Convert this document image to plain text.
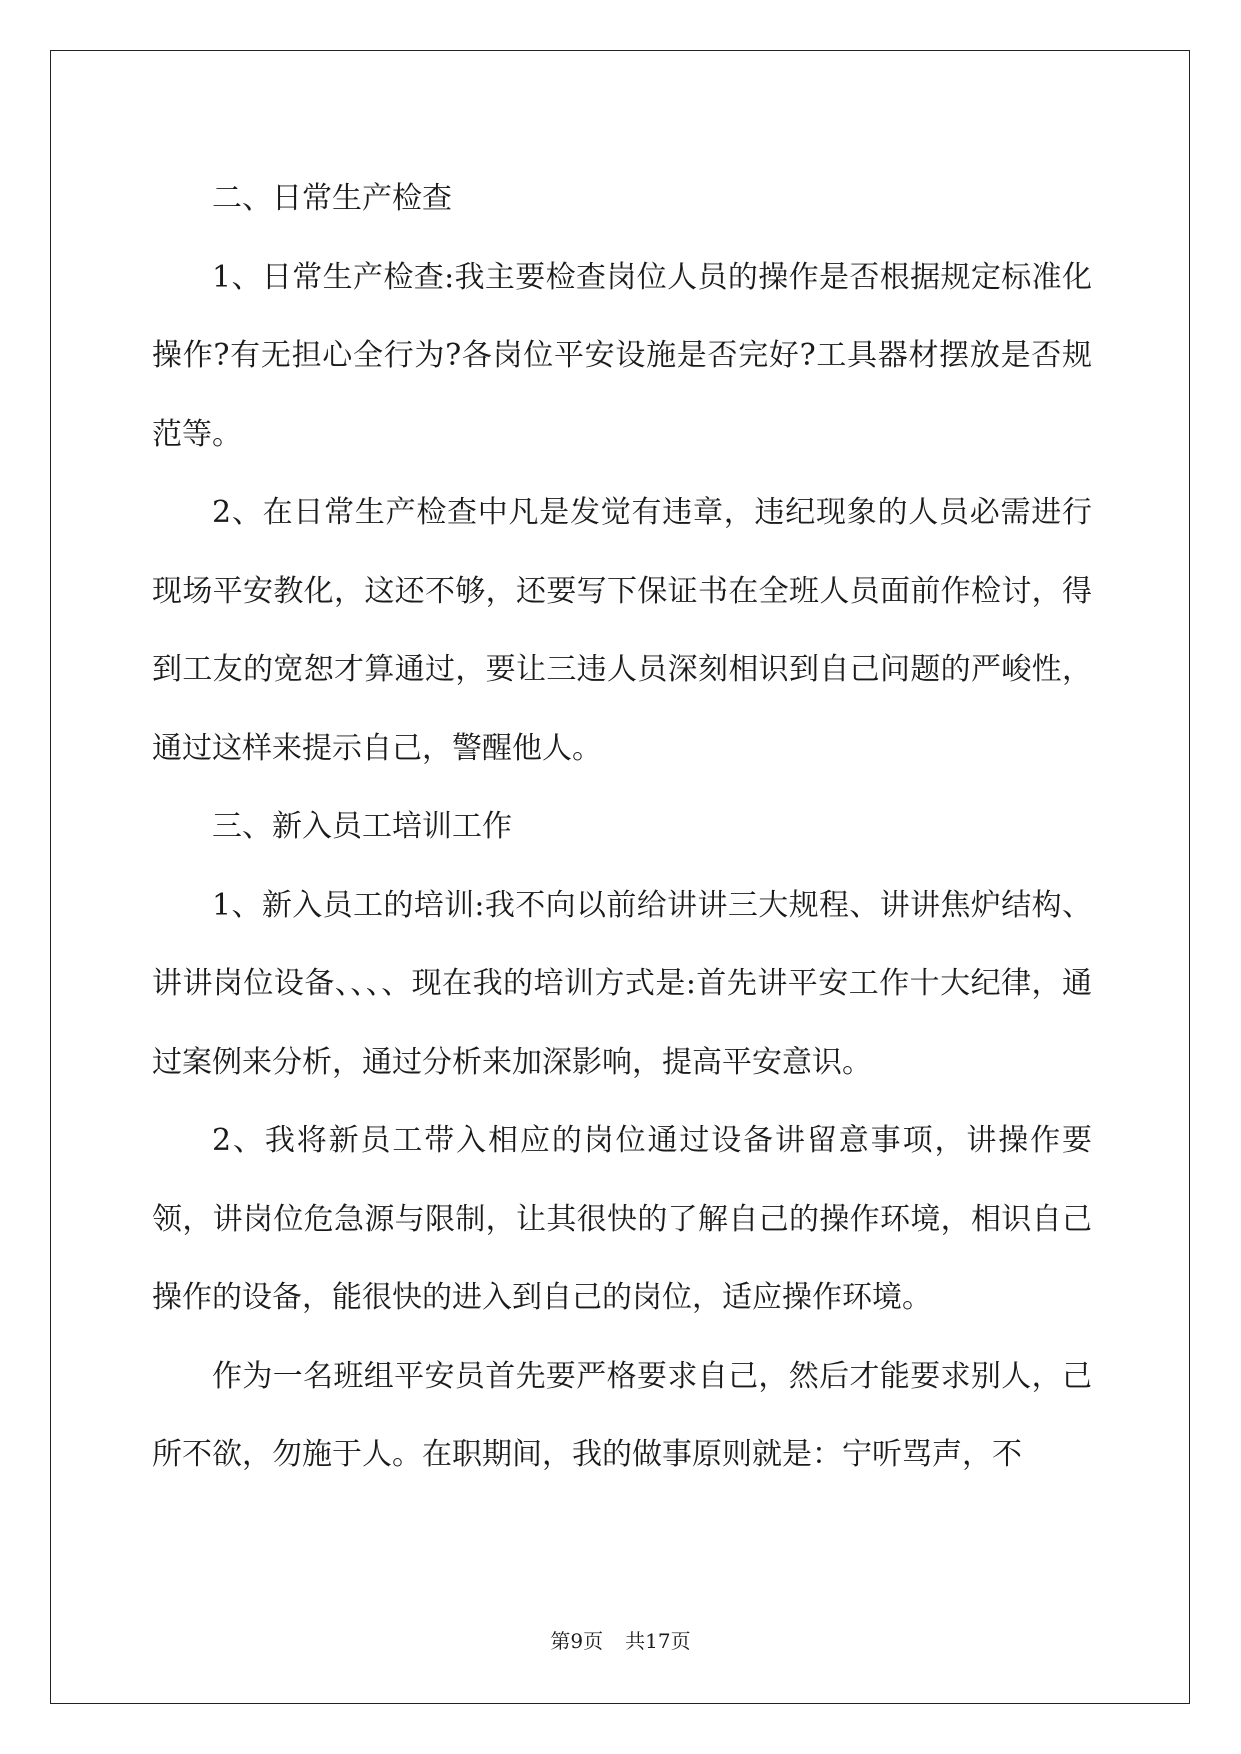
二、日常生产检查

1、日常生产检查:我主要检查岗位人员的操作是否根据规定标准化操作?有无担心全行为?各岗位平安设施是否完好?工具器材摆放是否规范等。

2、在日常生产检查中凡是发觉有违章，违纪现象的人员必需进行现场平安教化，这还不够，还要写下保证书在全班人员面前作检讨，得到工友的宽恕才算通过，要让三违人员深刻相识到自己问题的严峻性，通过这样来提示自己，警醒他人。

三、新入员工培训工作

1、新入员工的培训:我不向以前给讲讲三大规程、讲讲焦炉结构、讲讲岗位设备、、、、现在我的培训方式是:首先讲平安工作十大纪律，通过案例来分析，通过分析来加深影响，提高平安意识。

2、我将新员工带入相应的岗位通过设备讲留意事项，讲操作要领，讲岗位危急源与限制，让其很快的了解自己的操作环境，相识自己操作的设备，能很快的进入到自己的岗位，适应操作环境。

作为一名班组平安员首先要严格要求自己，然后才能要求别人，己所不欲，勿施于人。在职期间，我的做事原则就是：宁听骂声，不

第9页 共17页
